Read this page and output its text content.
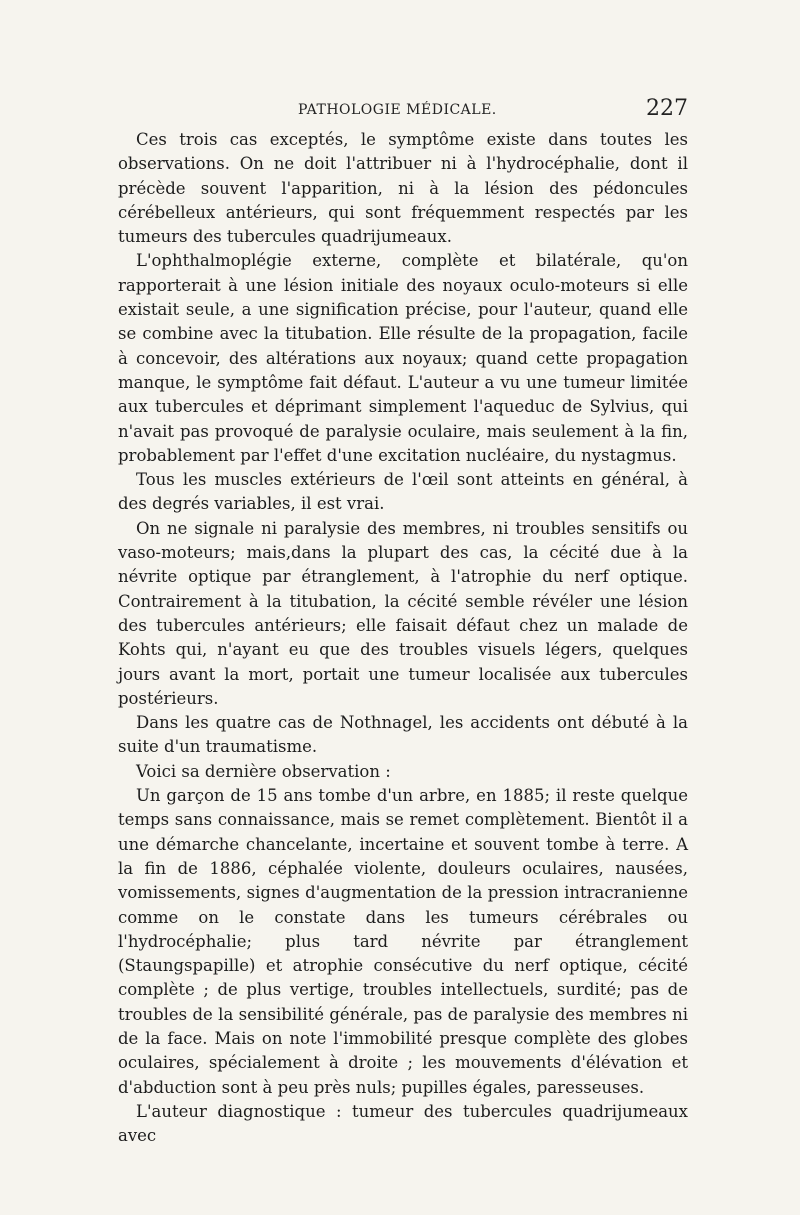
PATHOLOGIE MÉDICALE.	227

Ces trois cas exceptés, le symptôme existe dans toutes les observations. On ne doit l'attribuer ni à l'hydrocéphalie, dont il précède souvent l'apparition, ni à la lésion des pédoncules cérébelleux antérieurs, qui sont fréquemment respectés par les tumeurs des tubercules quadrijumeaux.

L'ophthalmoplégie externe, complète et bilatérale, qu'on rapporterait à une lésion initiale des noyaux oculo-moteurs si elle existait seule, a une signification précise, pour l'auteur, quand elle se combine avec la titubation. Elle résulte de la propagation, facile à concevoir, des altérations aux noyaux; quand cette propagation manque, le symptôme fait défaut. L'auteur a vu une tumeur limitée aux tubercules et déprimant simplement l'aqueduc de Sylvius, qui n'avait pas provoqué de paralysie oculaire, mais seulement à la fin, probablement par l'effet d'une excitation nucléaire, du nystagmus.

Tous les muscles extérieurs de l'œil sont atteints en général, à des degrés variables, il est vrai.

On ne signale ni paralysie des membres, ni troubles sensitifs ou vaso-moteurs; mais,dans la plupart des cas, la cécité due à la névrite optique par étranglement, à l'atrophie du nerf optique. Contrairement à la titubation, la cécité semble révéler une lésion des tubercules antérieurs; elle faisait défaut chez un malade de Kohts qui, n'ayant eu que des troubles visuels légers, quelques jours avant la mort, portait une tumeur localisée aux tubercules postérieurs.

Dans les quatre cas de Nothnagel, les accidents ont débuté à la suite d'un traumatisme.

Voici sa dernière observation :

Un garçon de 15 ans tombe d'un arbre, en 1885; il reste quelque temps sans connaissance, mais se remet complètement. Bientôt il a une démarche chancelante, incertaine et souvent tombe à terre. A la fin de 1886, céphalée violente, douleurs oculaires, nausées, vomissements, signes d'augmentation de la pression intracranienne comme on le constate dans les tumeurs cérébrales ou l'hydrocéphalie; plus tard névrite par étranglement (Staungspapille) et atrophie consécutive du nerf optique, cécité complète ; de plus vertige, troubles intellectuels, surdité; pas de troubles de la sensibilité générale, pas de paralysie des membres ni de la face. Mais on note l'immobilité presque complète des globes oculaires, spécialement à droite ; les mouvements d'élévation et d'abduction sont à peu près nuls; pupilles égales, paresseuses.

L'auteur diagnostique : tumeur des tubercules quadrijumeaux avec
